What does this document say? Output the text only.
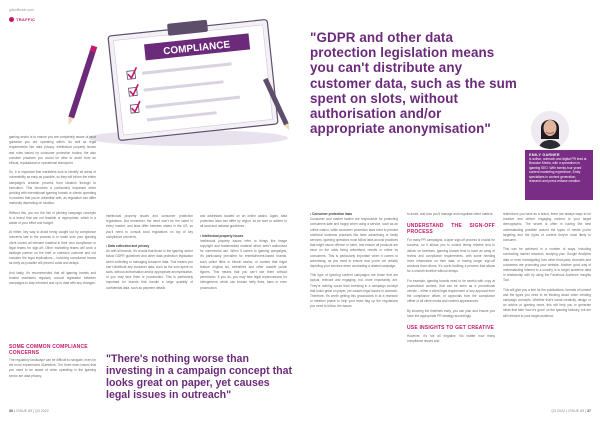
gifsoffbrain.com
TRAFFIC
COMPLIANCE

gaming sector is to ensure you are completely aware of what guidance you are operating within. As well as legal requirements like data privacy, intellectual property issues and rules issued by consumer protection bodies, the also consider practices you would be wise to avoid from an ethical, reputational or operational standpoint.

So, it is important that marketers look to identify all areas of vulnerability as early as possible, so they will inform the entire campaign's creation process from ideation through to execution. This becomes a particularly important when working with international igaming brands or clients operating in markets that you're unfamiliar with, as regulation can differ markedly depending on location.

Without this, you run the risk of pitching campaign concepts to a brand that are not feasible or appropriate, which is a waste of your effort and budget.

At either, key way to avoid being caught out by compliance concerns late in the process is to make sure your igaming client covers all relevant material in their own compliance or legal teams for sign-off. Other marketing teams will work a strategic partner on the brief or outreach outcome and not consider the legal implications – involving compliance teams as early as possible will prevent costs and delays.

And lastly, it's recommended that all igaming brands and trusted marketers regularly consult legislation between campaigns to stay informed and up to date with any changes.

SOME COMMON COMPLIANCE CONCERNS
The regulatory landscape can be difficult to navigate, even for the most experienced iGamblers. The three main issues that you need to be aware of when operating in the igaming sector are data privacy,

intellectual property issues and consumer protection regulations. But remember, the need won't be the same in every market, and laws differ between states in the US, so you'll need to consult local regulations on top of key compliance concerns.

• Data collection and privacy

As with all brands, it's crucial that those in the igaming sector follow GDPR guidelines and other data protection legislation when collecting or managing customer data. This means you can't distribute any customer data, such as the sum spent on slots, without authorisation and/or appropriate anonymisation, or you may face fines or prosecution. This is particularly important for brands that handle a large quantity of confidential data, such as payment details

and addresses located on an online casino. Again, data protection laws can differ by region, so be sure to adhere to all local and national guidelines.

• Intellectual property issues

Intellectual property issues refer to things like image copyright and trademarked material which aren't authorised for commercial use. When it comes to igaming campaigns, it's particularly prevalent for entertainment-based brands, such online titles or bitcoin casino, or content that might feature original art, celebrities and other notable public figures. This means that you can't use them without permission. If you do, you may face legal repercussions for infringement, which can include hefty fines, bans or even prosecution.

"There's nothing worse than investing in a campaign concept that looks great on paper, yet causes legal issues in outreach"
36 • ISSUE 89 | Q3 2022
"GDPR and other data protection legislation means you can't distribute any customer data, such as the sum spent on slots, without authorisation and/or appropriate anonymisation"
EMILY GARNER
is author, outreach and digital PR lead at Brandon Media, with a specialism in igaming SEO. With twenty-four years' content marketing experience, Emily specialises in content generation, research and press release creation.

• Consumer protection laws

Consumer and market bodies are responsible for protecting consumers safe and happy when using a service, such as an online casino, while consumer protection laws exist to prevent unethical business practices like false advertising or faulty services. Igaming operators must follow laws around practices that might cause offence or harm, and ensure all products are clear on the odds being advertised, results or online by consumers. This is particularly important when it comes to advertising, as you need to ensure that you're not unfairly depicting your services when conducting a related campaign.

This type of ignoring content campaigns are those that are topical, relevant and engaging, but, more importantly, are. They're nothing worse than investing in a campaign concept that looks great on paper, yet causes legal issues in outreach. Therefore, it's worth getting this groundwork in at a research or ideation phase to help your team flag up the regulations you need to follow, the issues

to avoid, and how you'll manage and negotiate client matters.

UNDERSTAND THE SIGN-OFF PROCESS

For many PR campaigns, a layer sign-off process is crucial for success, so it allows you to control timing release and to deliver on timelines. Igaming brands tend to have an array of review and compliance requirements, with some needing more information on their data, or having longer sign-off windows than others. It's worth building a process that allows for a smooth timeline without delays.

For example, igaming brands need to be careful with copy at promotional content, that can be seen as a promotional vehicle – either a client legal requirement or key approval from the compliance officer, or approvals from the compliance officer of all client media and content appearances.

By knowing the timelines early, you can plan and ensure you have the appropriate PR strategy accordingly.

USE INSIGHTS TO GET CREATIVE

However, it's not all negative. No matter how many compliance issues and

restrictions you have as a brand, there are always ways to be creative and deliver engaging content to your target demographic. The secret is often in having the best understanding possible around the types of media you're targeting and the types of content they're most likely to consume.

This can be achieved in a number of ways, including conducting market research, studying your Google Analytics data or even investigating how other third-party channels and customers are promoting your website. Another good way of understanding interest in a country is to target audience data in relationship with by using the Facebook Audience Insights Tool.

This will give you a feel for the publications, formats of content and the types you need to be thinking about when creating campaign concepts. Whether that's social creativity, design or an advice or igaming news, this will help you to generate ideas that take 'how it's good' on the igaming industry, but are still relevant to your target audience.

Q3 2022 • ISSUE 89 | 37
